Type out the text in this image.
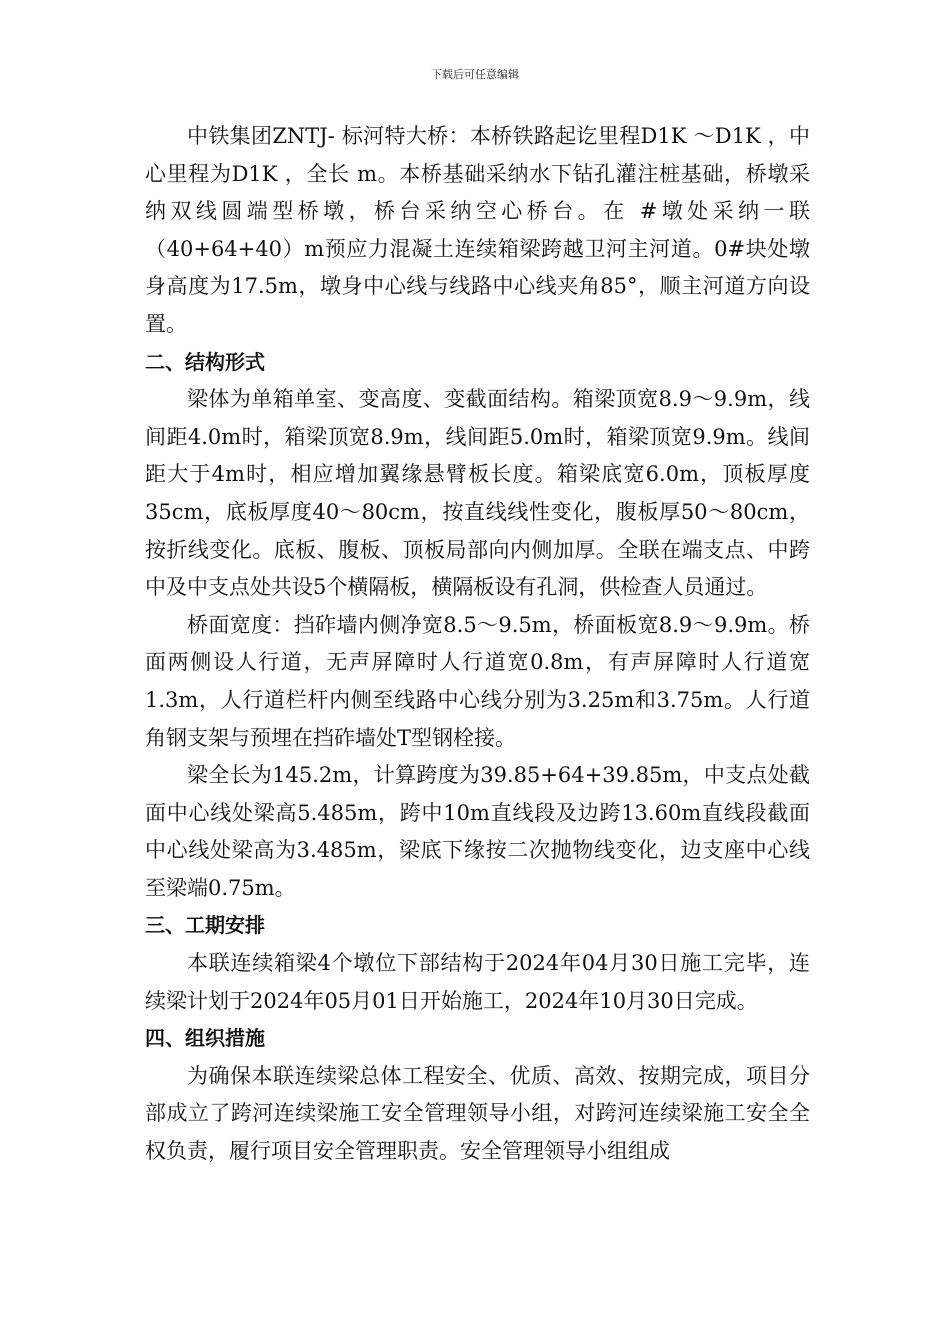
下载后可任意编辑

中铁集团ZNTJ- 标河特大桥：本桥铁路起讫里程D1K ～D1K ，中心里程为D1K ，全长 m。本桥基础采纳水下钻孔灌注桩基础，桥墩采纳双线圆端型桥墩，桥台采纳空心桥台。在 #墩处采纳一联（40+64+40）m预应力混凝土连续箱梁跨越卫河主河道。0#块处墩身高度为17.5m，墩身中心线与线路中心线夹角85°，顺主河道方向设置。

二、结构形式

梁体为单箱单室、变高度、变截面结构。箱梁顶宽8.9～9.9m，线间距4.0m时，箱梁顶宽8.9m，线间距5.0m时，箱梁顶宽9.9m。线间距大于4m时，相应增加翼缘悬臂板长度。箱梁底宽6.0m，顶板厚度35cm，底板厚度40～80cm，按直线线性变化，腹板厚50～80cm，按折线变化。底板、腹板、顶板局部向内侧加厚。全联在端支点、中跨中及中支点处共设5个横隔板，横隔板设有孔洞，供检查人员通过。

桥面宽度：挡砟墙内侧净宽8.5～9.5m，桥面板宽8.9～9.9m。桥面两侧设人行道，无声屏障时人行道宽0.8m，有声屏障时人行道宽1.3m，人行道栏杆内侧至线路中心线分别为3.25m和3.75m。人行道角钢支架与预埋在挡砟墙处T型钢栓接。

梁全长为145.2m，计算跨度为39.85+64+39.85m，中支点处截面中心线处梁高5.485m，跨中10m直线段及边跨13.60m直线段截面中心线处梁高为3.485m，梁底下缘按二次抛物线变化，边支座中心线至梁端0.75m。

三、工期安排

本联连续箱梁4个墩位下部结构于2024年04月30日施工完毕，连续梁计划于2024年05月01日开始施工，2024年10月30日完成。

四、组织措施

为确保本联连续梁总体工程安全、优质、高效、按期完成，项目分部成立了跨河连续梁施工安全管理领导小组，对跨河连续梁施工安全全权负责，履行项目安全管理职责。安全管理领导小组组成
